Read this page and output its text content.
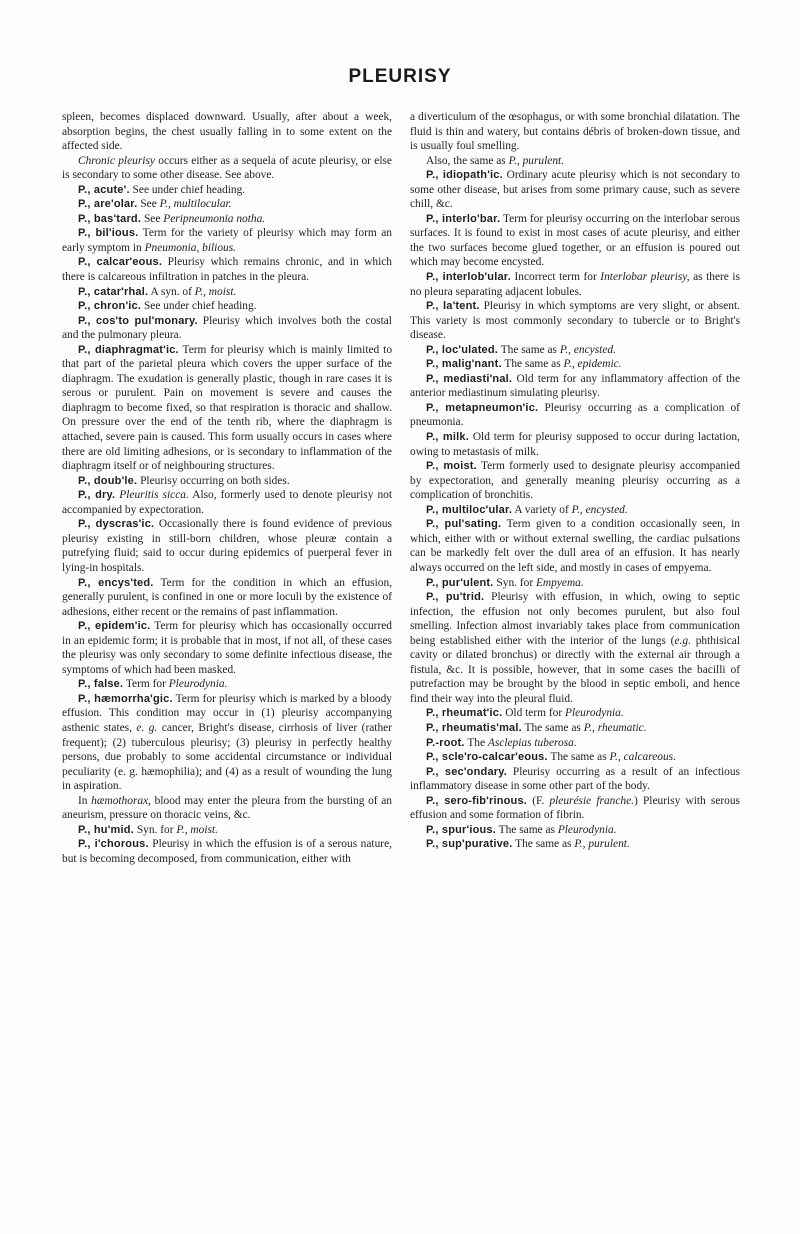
PLEURISY

spleen, becomes displaced downward. Usually, after about a week, absorption begins, the chest usually falling in to some extent on the affected side.

Chronic pleurisy occurs either as a sequela of acute pleurisy, or else is secondary to some other disease. See above.

P., acute'. See under chief heading.

P., are'olar. See P., multilocular.

P., bas'tard. See Peripneumonia notha.

P., bil'ious. Term for the variety of pleurisy which may form an early symptom in Pneumonia, bilious.

P., calcar'eous. Pleurisy which remains chronic, and in which there is calcareous infiltration in patches in the pleura.

P., catar'rhal. A syn. of P., moist.

P., chron'ic. See under chief heading.

P., cos'to pul'monary. Pleurisy which involves both the costal and the pulmonary pleura.

P., diaphragmat'ic. Term for pleurisy which is mainly limited to that part of the parietal pleura which covers the upper surface of the diaphragm. The exudation is generally plastic, though in rare cases it is serous or purulent. Pain on movement is severe and causes the diaphragm to become fixed, so that respiration is thoracic and shallow. On pressure over the end of the tenth rib, where the diaphragm is attached, severe pain is caused. This form usually occurs in cases where there are old limiting adhesions, or is secondary to inflammation of the diaphragm itself or of neighbouring structures.

P., doub'le. Pleurisy occurring on both sides.

P., dry. Pleuritis sicca. Also, formerly used to denote pleurisy not accompanied by expectoration.

P., dyscras'ic. Occasionally there is found evidence of previous pleurisy existing in still-born children, whose pleuræ contain a putrefying fluid; said to occur during epidemics of puerperal fever in lying-in hospitals.

P., encys'ted. Term for the condition in which an effusion, generally purulent, is confined in one or more loculi by the existence of adhesions, either recent or the remains of past inflammation.

P., epidem'ic. Term for pleurisy which has occasionally occurred in an epidemic form; it is probable that in most, if not all, of these cases the pleurisy was only secondary to some definite infectious disease, the symptoms of which had been masked.

P., false. Term for Pleurodynia.

P., hæmorrha'gic. Term for pleurisy which is marked by a bloody effusion. This condition may occur in (1) pleurisy accompanying asthenic states, e. g. cancer, Bright's disease, cirrhosis of liver (rather frequent); (2) tuberculous pleurisy; (3) pleurisy in perfectly healthy persons, due probably to some accidental circumstance or individual peculiarity (e. g. hæmophilia); and (4) as a result of wounding the lung in aspiration.

In hæmothorax, blood may enter the pleura from the bursting of an aneurism, pressure on thoracic veins, &c.

P., hu'mid. Syn. for P., moist.

P., i'chorous. Pleurisy in which the effusion is of a serous nature, but is becoming decomposed, from communication, either with

a diverticulum of the œsophagus, or with some bronchial dilatation. The fluid is thin and watery, but contains débris of broken-down tissue, and is usually foul smelling.

Also, the same as P., purulent.

P., idiopath'ic. Ordinary acute pleurisy which is not secondary to some other disease, but arises from some primary cause, such as severe chill, &c.

P., interlo'bar. Term for pleurisy occurring on the interlobar serous surfaces. It is found to exist in most cases of acute pleurisy, and either the two surfaces become glued together, or an effusion is poured out which may become encysted.

P., interlob'ular. Incorrect term for Interlobar pleurisy, as there is no pleura separating adjacent lobules.

P., la'tent. Pleurisy in which symptoms are very slight, or absent. This variety is most commonly secondary to tubercle or to Bright's disease.

P., loc'ulated. The same as P., encysted.

P., malig'nant. The same as P., epidemic.

P., mediasti'nal. Old term for any inflammatory affection of the anterior mediastinum simulating pleurisy.

P., metapneumon'ic. Pleurisy occurring as a complication of pneumonia.

P., milk. Old term for pleurisy supposed to occur during lactation, owing to metastasis of milk.

P., moist. Term formerly used to designate pleurisy accompanied by expectoration, and generally meaning pleurisy occurring as a complication of bronchitis.

P., multiloc'ular. A variety of P., encysted.

P., pul'sating. Term given to a condition occasionally seen, in which, either with or without external swelling, the cardiac pulsations can be markedly felt over the dull area of an effusion. It has nearly always occurred on the left side, and mostly in cases of empyema.

P., pur'ulent. Syn. for Empyema.

P., pu'trid. Pleurisy with effusion, in which, owing to septic infection, the effusion not only becomes purulent, but also foul smelling. Infection almost invariably takes place from communication being established either with the interior of the lungs (e.g. phthisical cavity or dilated bronchus) or directly with the external air through a fistula, &c. It is possible, however, that in some cases the bacilli of putrefaction may be brought by the blood in septic emboli, and hence find their way into the pleural fluid.

P., rheumat'ic. Old term for Pleurodynia.

P., rheumatis'mal. The same as P., rheumatic.

P.-root. The Asclepias tuberosa.

P., scle'ro-calcar'eous. The same as P., calcareous.

P., sec'ondary. Pleurisy occurring as a result of an infectious inflammatory disease in some other part of the body.

P., sero-fib'rinous. (F. pleurésie franche.) Pleurisy with serous effusion and some formation of fibrin.

P., spur'ious. The same as Pleurodynia.

P., sup'purative. The same as P., purulent.
